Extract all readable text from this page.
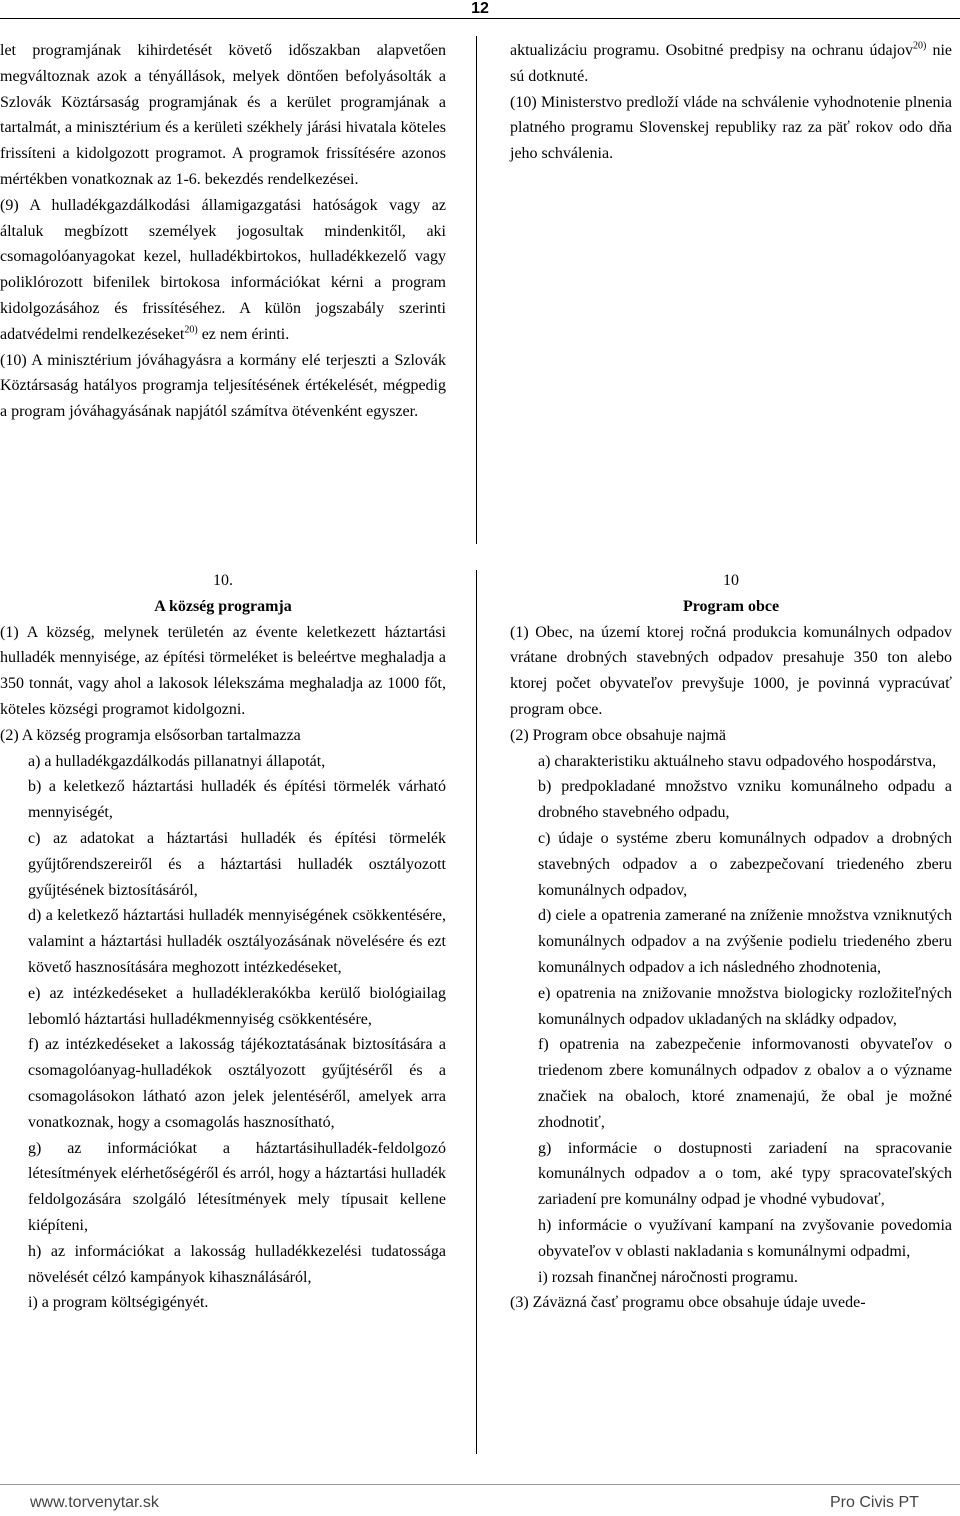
12

let programjának kihirdetését követő időszakban alapvetően megváltoznak azok a tényállások, melyek döntően befolyásolták a Szlovák Köztársaság programjának és a kerület programjának a tartalmát, a minisztérium és a kerületi székhely járási hivatala köteles frissíteni a kidolgozott programot. A programok frissítésére azonos mértékben vonatkoznak az 1-6. bekezdés rendelkezései.

(9) A hulladékgazdálkodási államigazgatási hatóságok vagy az általuk megbízott személyek jogosultak mindenkitől, aki csomagolóanyagokat kezel, hulladékbirtokos, hulladékkezelő vagy poliklórozott bifenilek birtokosa információkat kérni a program kidolgozásához és frissítéséhez. A külön jogszabály szerinti adatvédelmi rendelkezéseket$^{20)}$ ez nem érinti.

(10) A minisztérium jóváhagyásra a kormány elé terjeszti a Szlovák Köztársaság hatályos programja teljesítésének értékelését, mégpedig a program jóváhagyásának napjától számítva ötévenként egyszer.

aktualizáciu programu. Osobitné predpisy na ochranu údajov$^{20)}$ nie sú dotknuté.

(10) Ministerstvo predloží vláde na schválenie vyhodnotenie plnenia platného programu Slovenskej republiky raz za päť rokov odo dňa jeho schválenia.

10.

A község programja

(1) A község, melynek területén az évente keletkezett háztartási hulladék mennyisége, az építési törmeléket is beleértve meghaladja a 350 tonnát, vagy ahol a lakosok lélekszáma meghaladja az 1000 főt, köteles községi programot kidolgozni.

(2) A község programja elsősorban tartalmazza

a) a hulladékgazdálkodás pillanatnyi állapotát,

b) a keletkező háztartási hulladék és építési törmelék várható mennyiségét,

c) az adatokat a háztartási hulladék és építési törmelék gyűjtőrendszereiről és a háztartási hulladék osztályozott gyűjtésének biztosításáról,

d) a keletkező háztartási hulladék mennyiségének csökkentésére, valamint a háztartási hulladék osztályozásának növelésére és ezt követő hasznosítására meghozott intézkedéseket,

e) az intézkedéseket a hulladéklerakókba kerülő biológiailag lebomló háztartási hulladékmennyiség csökkentésére,

f) az intézkedéseket a lakosság tájékoztatásának biztosítására a csomagolóanyag-hulladékok osztályozott gyűjtéséről és a csomagolásokon látható azon jelek jelentéséről, amelyek arra vonatkoznak, hogy a csomagolás hasznosítható,

g) az információkat a háztartásihulladék-feldolgozó létesítmények elérhetőségéről és arról, hogy a háztartási hulladék feldolgozására szolgáló létesítmények mely típusait kellene kiépíteni,

h) az információkat a lakosság hulladékkezelési tudatossága növelését célzó kampányok kihasználásáról,

i) a program költségigényét.

10

Program obce

(1) Obec, na území ktorej ročná produkcia komunálnych odpadov vrátane drobných stavebných odpadov presahuje 350 ton alebo ktorej počet obyvateľov prevyšuje 1000, je povinná vypracúvať program obce.

(2) Program obce obsahuje najmä

a) charakteristiku aktuálneho stavu odpadového hospodárstva,

b) predpokladané množstvo vzniku komunálneho odpadu a drobného stavebného odpadu,

c) údaje o systéme zberu komunálnych odpadov a drobných stavebných odpadov a o zabezpečovaní triedeného zberu komunálnych odpadov,

d) ciele a opatrenia zamerané na zníženie množstva vzniknutých komunálnych odpadov a na zvýšenie podielu triedeného zberu komunálnych odpadov a ich následného zhodnotenia,

e) opatrenia na znižovanie množstva biologicky rozložiteľných komunálnych odpadov ukladaných na skládky odpadov,

f) opatrenia na zabezpečenie informovanosti obyvateľov o triedenom zbere komunálnych odpadov z obalov a o význame značiek na obaloch, ktoré znamenajú, že obal je možné zhodnotiť,

g) informácie o dostupnosti zariadení na spracovanie komunálnych odpadov a o tom, aké typy spracovateľských zariadení pre komunálny odpad je vhodné vybudovať,

h) informácie o využívaní kampaní na zvyšovanie povedomia obyvateľov v oblasti nakladania s komunálnymi odpadmi,

i) rozsah finančnej náročnosti programu.

(3) Záväzná časť programu obce obsahuje údaje uvede-

www.torvenytar.sk	Pro Civis PT
